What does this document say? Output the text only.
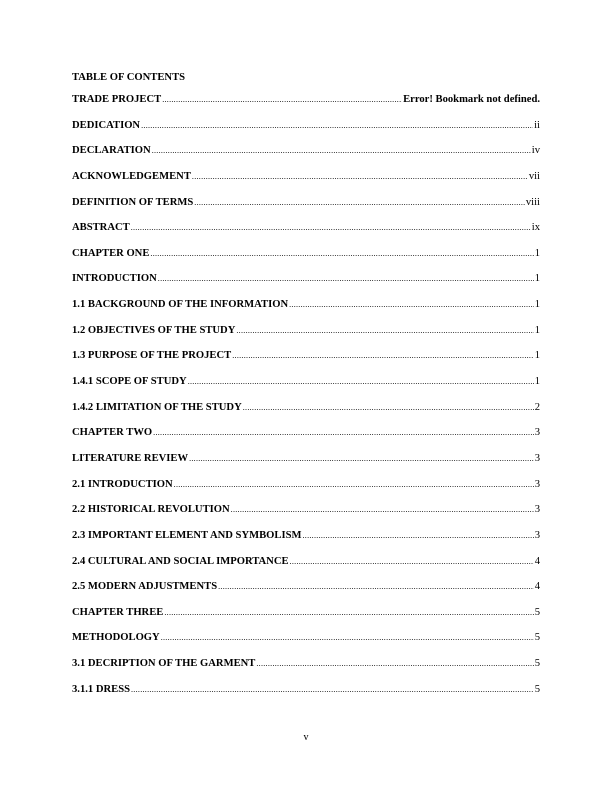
TABLE OF CONTENTS
TRADE PROJECT .....	Error! Bookmark not defined.
DEDICATION .....	ii
DECLARATION .....	iv
ACKNOWLEDGEMENT .....	vii
DEFINITION OF TERMS .....	viii
ABSTRACT .....	ix
CHAPTER ONE .....	1
INTRODUCTION .....	1
1.1 BACKGROUND OF THE INFORMATION .....	1
1.2 OBJECTIVES OF THE STUDY .....	1
1.3 PURPOSE OF THE PROJECT .....	1
1.4.1 SCOPE OF STUDY .....	1
1.4.2 LIMITATION OF THE STUDY .....	2
CHAPTER TWO .....	3
LITERATURE REVIEW .....	3
2.1 INTRODUCTION .....	3
2.2 HISTORICAL REVOLUTION .....	3
2.3 IMPORTANT ELEMENT AND SYMBOLISM .....	3
2.4 CULTURAL AND SOCIAL IMPORTANCE .....	4
2.5 MODERN ADJUSTMENTS .....	4
CHAPTER THREE .....	5
METHODOLOGY .....	5
3.1 DECRIPTION OF THE GARMENT .....	5
3.1.1 DRESS .....	5
v
